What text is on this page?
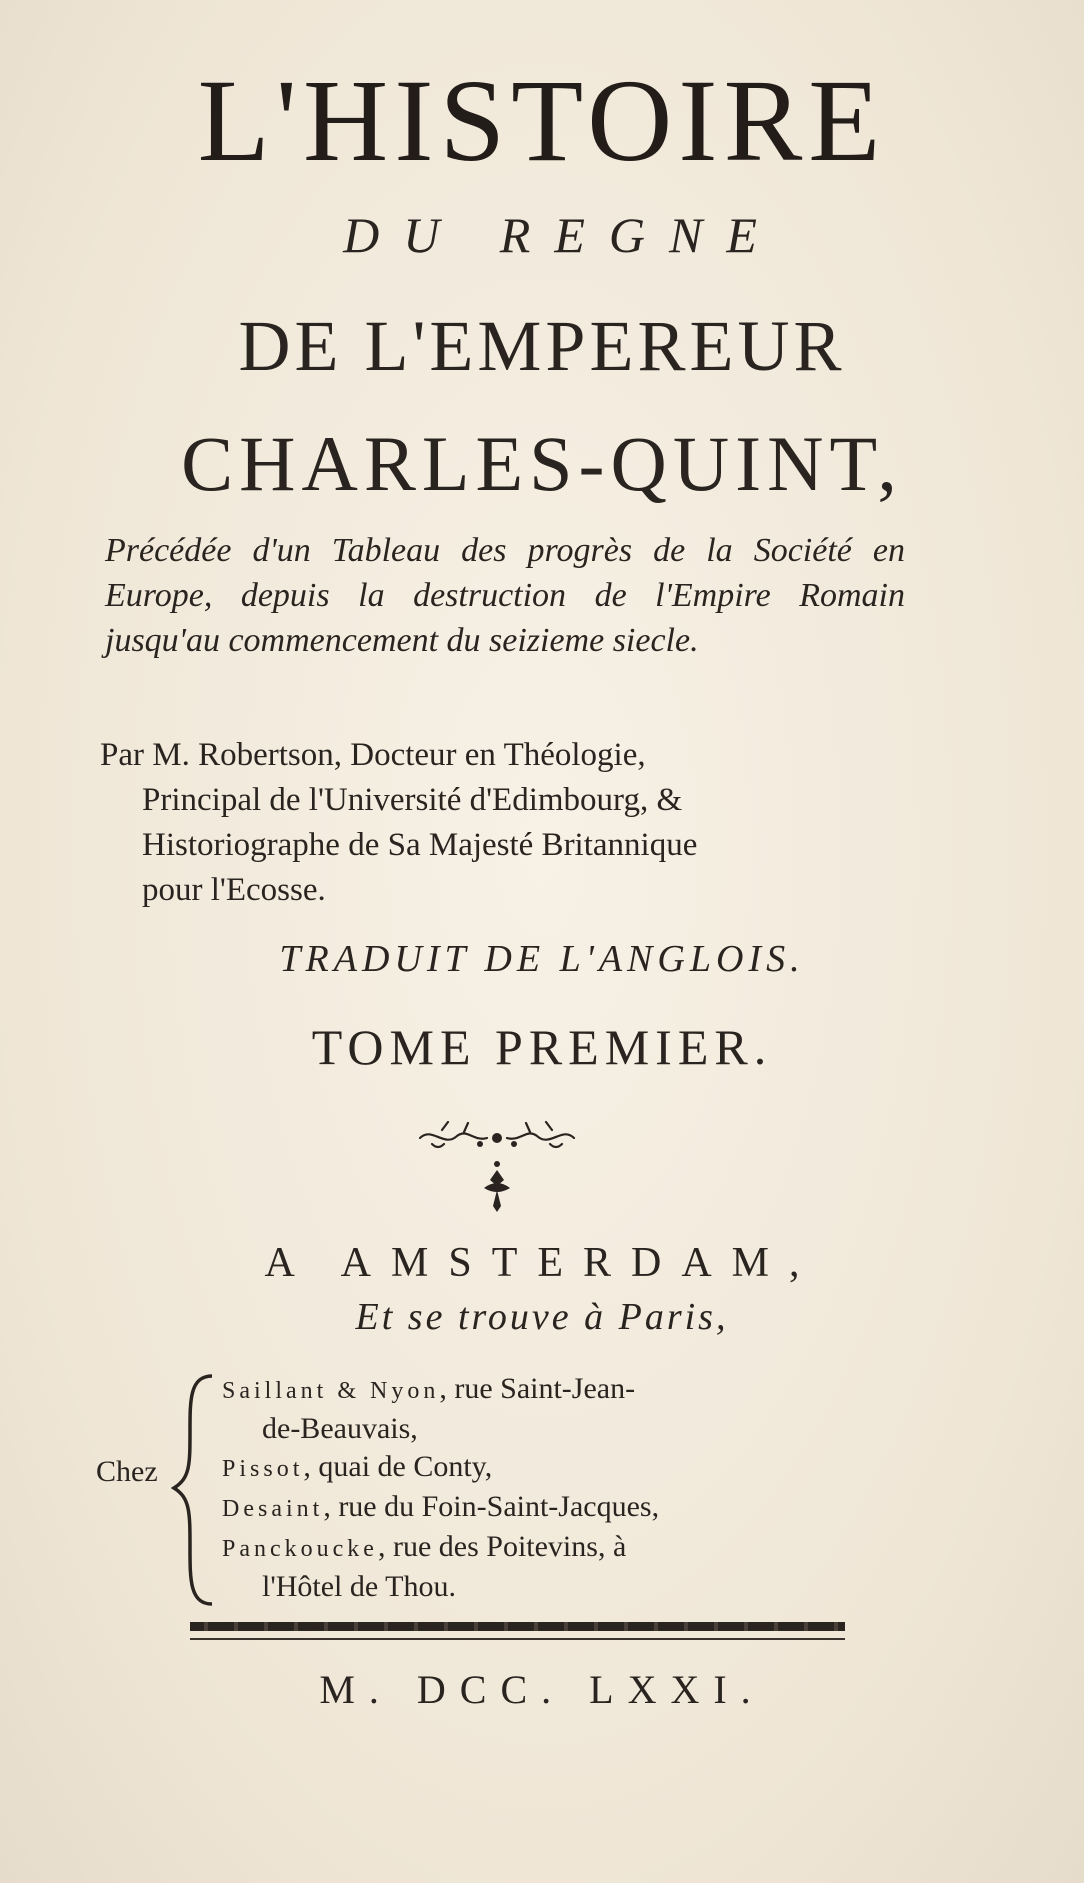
L'HISTOIRE
DU REGNE
DE L'EMPEREUR
CHARLES-QUINT,
Précédée d'un Tableau des progrès de la Société en Europe, depuis la destruction de l'Empire Romain jusqu'au commencement du seizieme siecle.
Par M. Robertson, Docteur en Théologie,
Principal de l'Université d'Edimbourg, &
Historiographe de Sa Majesté Britannique
pour l'Ecosse.
TRADUIT DE L'ANGLOIS.
TOME PREMIER.
A AMSTERDAM,
Et se trouve à Paris,
Chez
Saillant & Nyon, rue Saint-Jean-
de-Beauvais,
Pissot, quai de Conty,
Desaint, rue du Foin-Saint-Jacques,
Panckoucke, rue des Poitevins, à
l'Hôtel de Thou.
M. DCC. LXXI.
